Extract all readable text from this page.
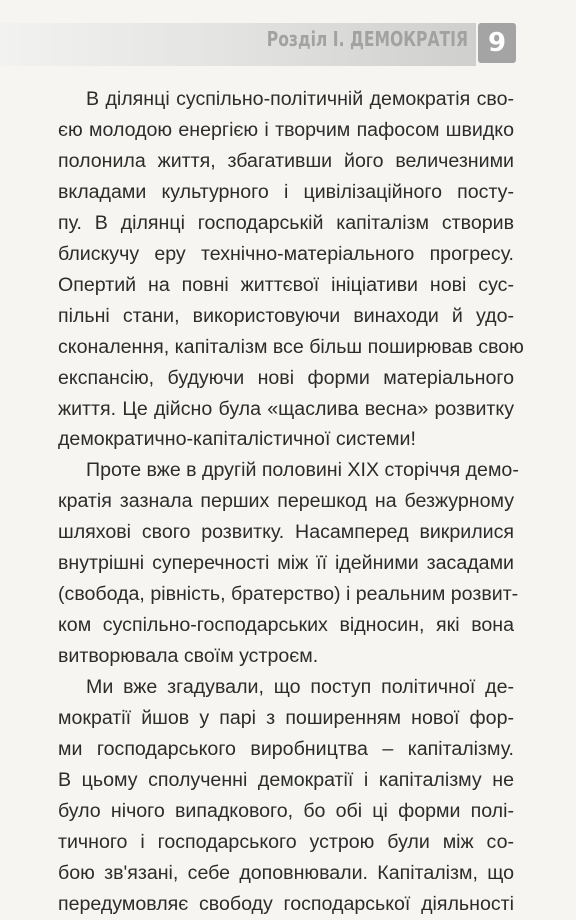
Розділ І. ДЕМОКРАТІЯ 9

В ділянці суспільно-політичній демократія сво-
єю молодою енергією і творчим пафосом швидко
полонила життя, збагативши його величезними
вкладами культурного і цивілізаційного посту-
пу. В ділянці господарській капіталізм створив
блискучу еру технічно-матеріального прогресу.
Опертий на повні життєвої ініціативи нові сус-
пільні стани, використовуючи винаходи й удо-
сконалення, капіталізм все більш поширював свою
експансію, будуючи нові форми матеріального
життя. Це дійсно була «щаслива весна» розвитку
демократично-капіталістичної системи!

Проте вже в другій половині XIX сторіччя демо-
кратія зазнала перших перешкод на безжурному
шляхові свого розвитку. Насамперед викрилися
внутрішні суперечності між її ідейними засадами
(свобода, рівність, братерство) і реальним розвит-
ком суспільно-господарських відносин, які вона
витворювала своїм устроєм.

Ми вже згадували, що поступ політичної де-
мократії йшов у парі з поширенням нової фор-
ми господарського виробництва – капіталізму.
В цьому сполученні демократії і капіталізму не
було нічого випадкового, бо обі ці форми полі-
тичного і господарського устрою були між со-
бою зв'язані, себе доповнювали. Капіталізм, що
передумовляє свободу господарської діяльності
